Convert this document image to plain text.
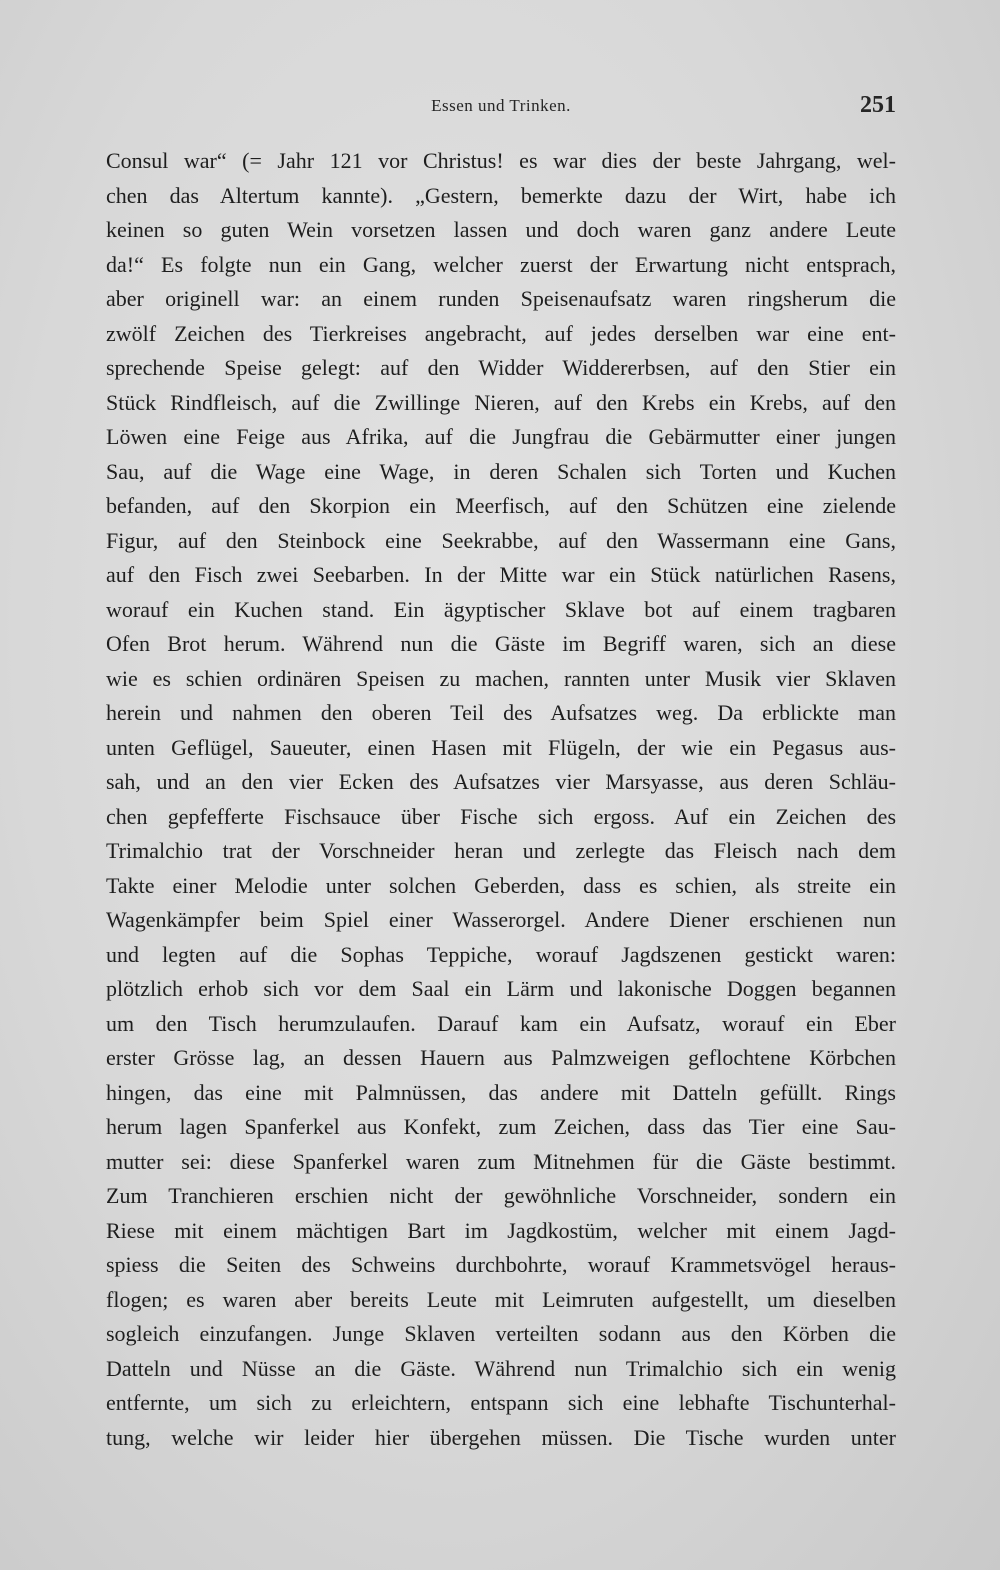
Essen und Trinken.	251
Consul war“ (= Jahr 121 vor Christus! es war dies der beste Jahrgang, wel-
chen das Altertum kannte). „Gestern, bemerkte dazu der Wirt, habe ich
keinen so guten Wein vorsetzen lassen und doch waren ganz andere Leute
da!“ Es folgte nun ein Gang, welcher zuerst der Erwartung nicht entsprach,
aber originell war: an einem runden Speisenaufsatz waren ringsherum die
zwölf Zeichen des Tierkreises angebracht, auf jedes derselben war eine ent-
sprechende Speise gelegt: auf den Widder Widdererbsen, auf den Stier ein
Stück Rindfleisch, auf die Zwillinge Nieren, auf den Krebs ein Krebs, auf den
Löwen eine Feige aus Afrika, auf die Jungfrau die Gebärmutter einer jungen
Sau, auf die Wage eine Wage, in deren Schalen sich Torten und Kuchen
befanden, auf den Skorpion ein Meerfisch, auf den Schützen eine zielende
Figur, auf den Steinbock eine Seekrabbe, auf den Wassermann eine Gans,
auf den Fisch zwei Seebarben. In der Mitte war ein Stück natürlichen Rasens,
worauf ein Kuchen stand. Ein ägyptischer Sklave bot auf einem tragbaren
Ofen Brot herum. Während nun die Gäste im Begriff waren, sich an diese
wie es schien ordinären Speisen zu machen, rannten unter Musik vier Sklaven
herein und nahmen den oberen Teil des Aufsatzes weg. Da erblickte man
unten Geflügel, Saueuter, einen Hasen mit Flügeln, der wie ein Pegasus aus-
sah, und an den vier Ecken des Aufsatzes vier Marsyasse, aus deren Schläu-
chen gepfefferte Fischsauce über Fische sich ergoss. Auf ein Zeichen des
Trimalchio trat der Vorschneider heran und zerlegte das Fleisch nach dem
Takte einer Melodie unter solchen Geberden, dass es schien, als streite ein
Wagenkämpfer beim Spiel einer Wasserorgel. Andere Diener erschienen nun
und legten auf die Sophas Teppiche, worauf Jagdszenen gestickt waren:
plötzlich erhob sich vor dem Saal ein Lärm und lakonische Doggen begannen
um den Tisch herumzulaufen. Darauf kam ein Aufsatz, worauf ein Eber
erster Grösse lag, an dessen Hauern aus Palmzweigen geflochtene Körbchen
hingen, das eine mit Palmnüssen, das andere mit Datteln gefüllt. Rings
herum lagen Spanferkel aus Konfekt, zum Zeichen, dass das Tier eine Sau-
mutter sei: diese Spanferkel waren zum Mitnehmen für die Gäste bestimmt.
Zum Tranchieren erschien nicht der gewöhnliche Vorschneider, sondern ein
Riese mit einem mächtigen Bart im Jagdkostüm, welcher mit einem Jagd-
spiess die Seiten des Schweins durchbohrte, worauf Krammetsvögel heraus-
flogen; es waren aber bereits Leute mit Leimruten aufgestellt, um dieselben
sogleich einzufangen. Junge Sklaven verteilten sodann aus den Körben die
Datteln und Nüsse an die Gäste. Während nun Trimalchio sich ein wenig
entfernte, um sich zu erleichtern, entspann sich eine lebhafte Tischunterhal-
tung, welche wir leider hier übergehen müssen. Die Tische wurden unter
